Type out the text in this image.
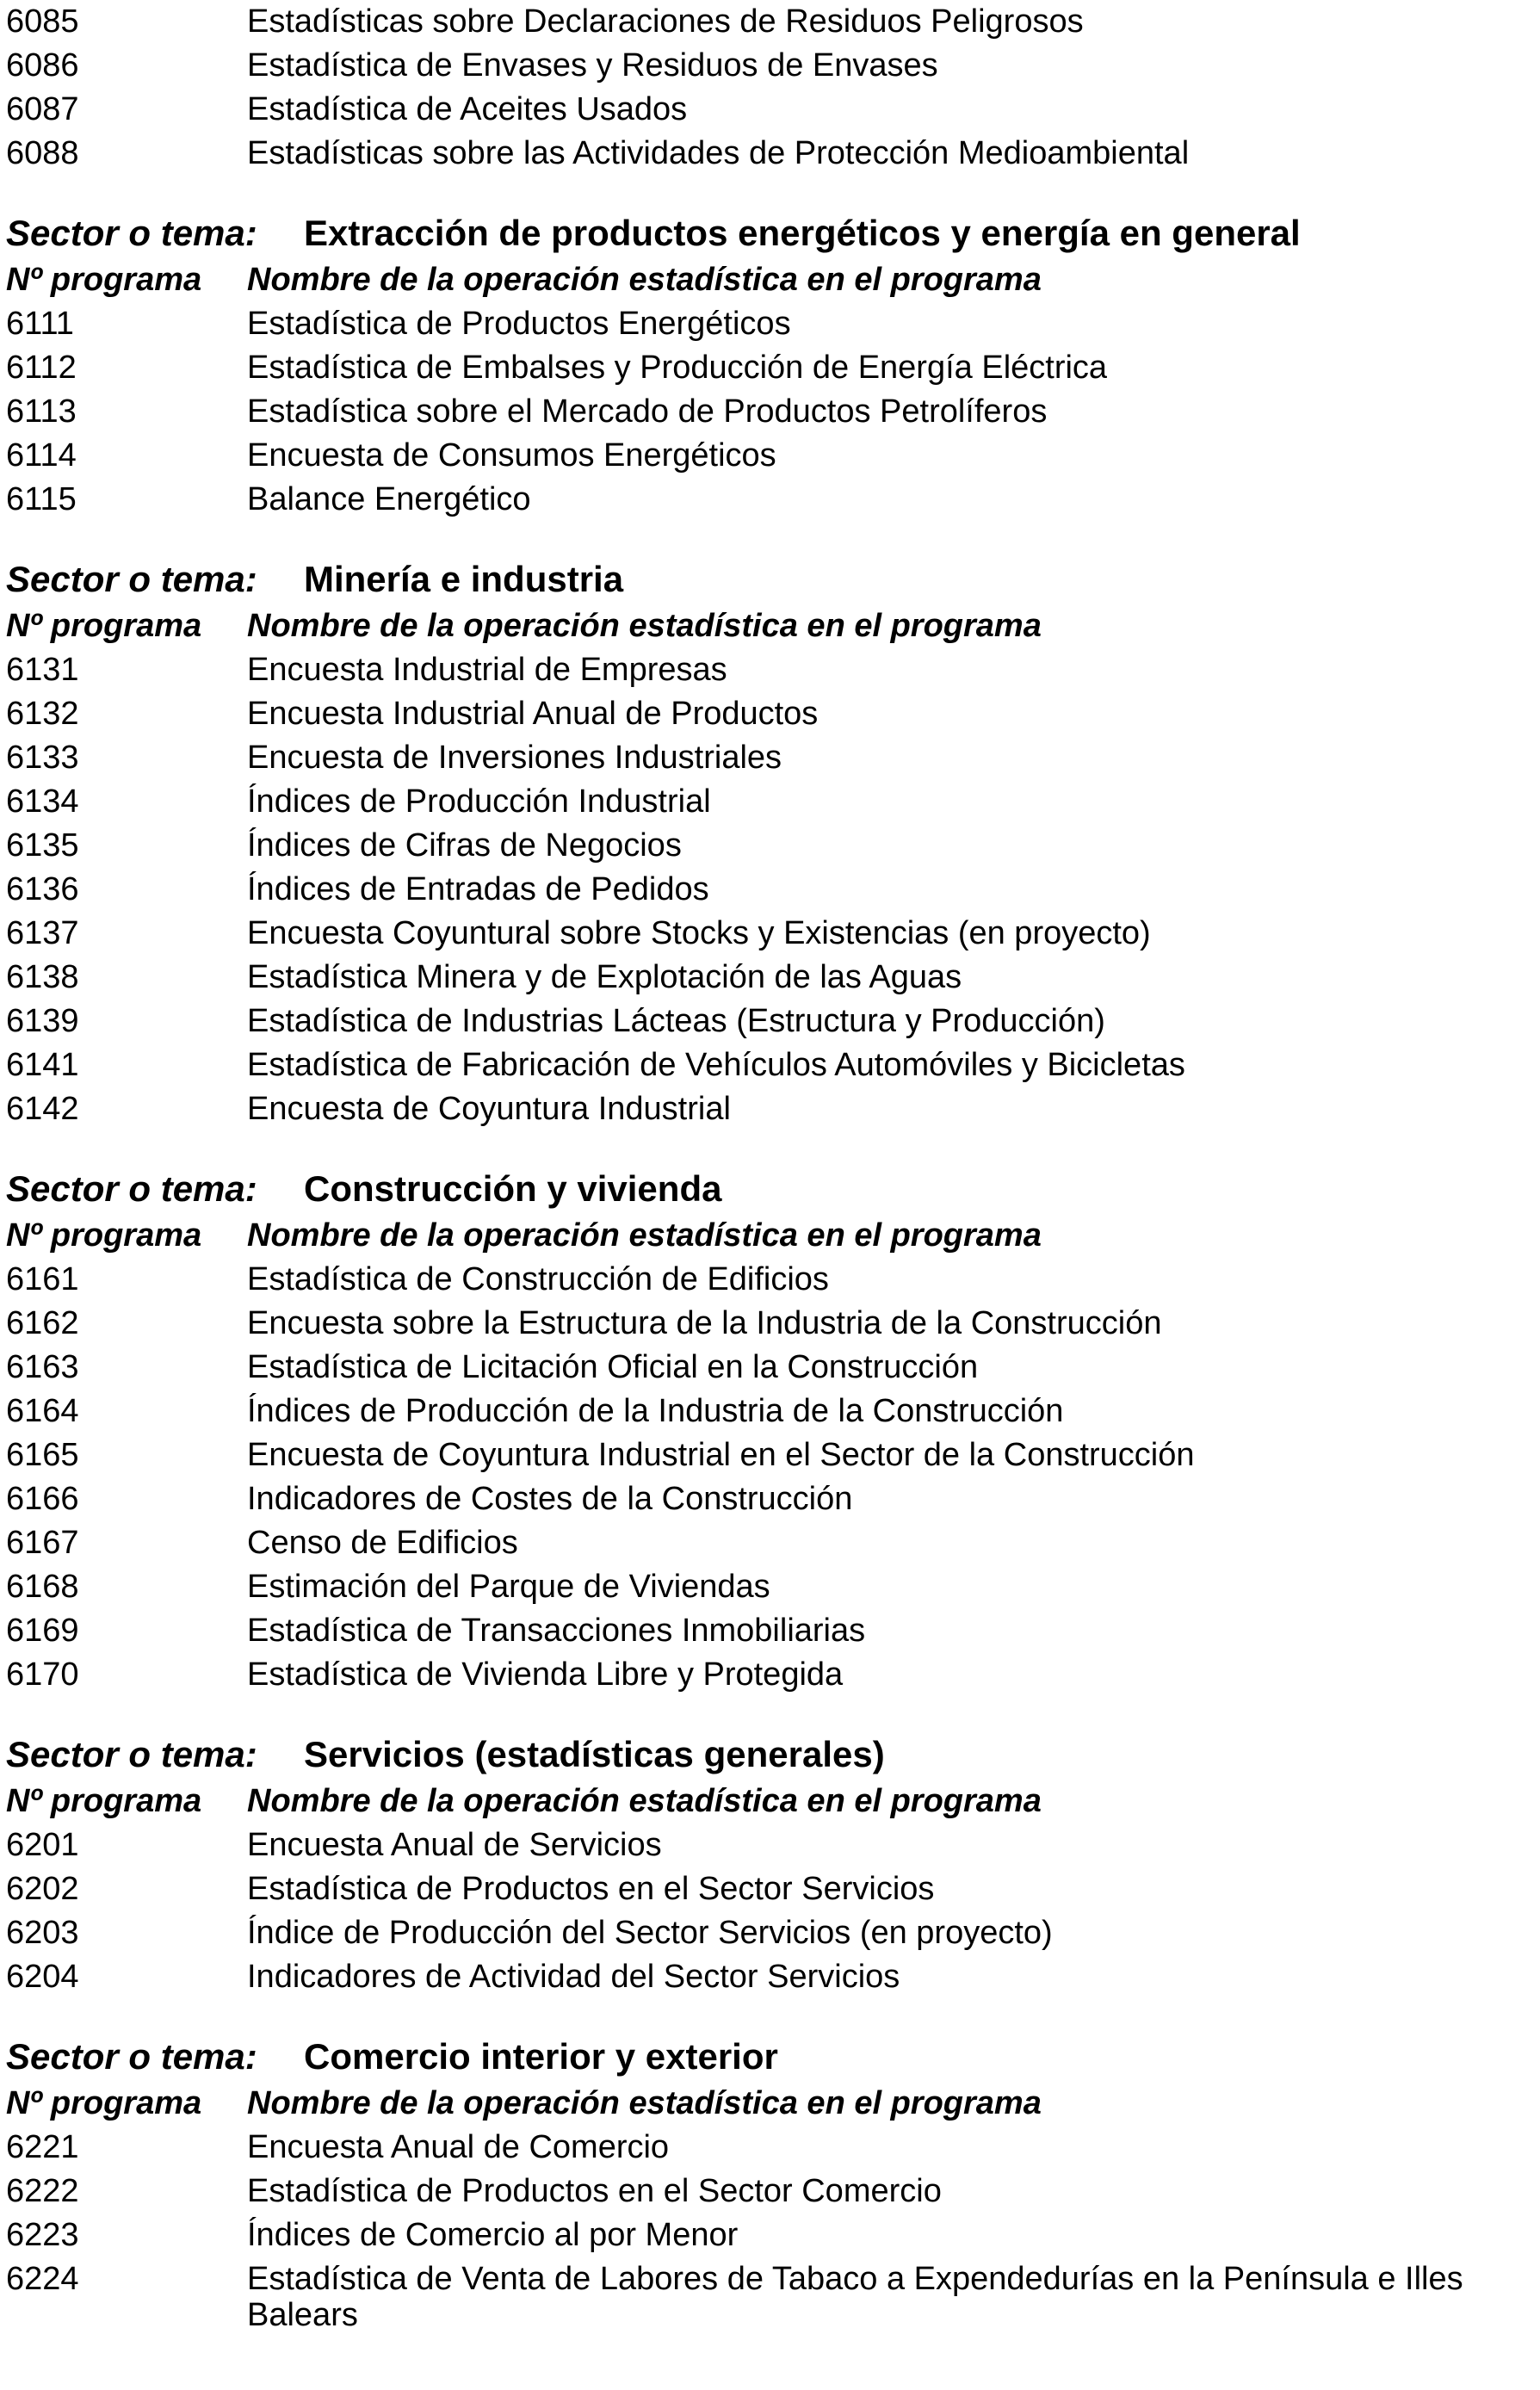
6085	Estadísticas sobre Declaraciones de Residuos Peligrosos
6086	Estadística de Envases y Residuos de Envases
6087	Estadística de Aceites Usados
6088	Estadísticas sobre las Actividades de Protección Medioambiental
Sector o tema:	Extracción de productos energéticos y energía en general
Nº programa	Nombre de la operación estadística en el programa
6111	Estadística de Productos Energéticos
6112	Estadística de Embalses y Producción de Energía Eléctrica
6113	Estadística sobre el Mercado de Productos Petrolíferos
6114	Encuesta de Consumos Energéticos
6115	Balance Energético
Sector o tema:	Minería e industria
Nº programa	Nombre de la operación estadística en el programa
6131	Encuesta Industrial de Empresas
6132	Encuesta Industrial Anual de Productos
6133	Encuesta de Inversiones Industriales
6134	Índices de Producción Industrial
6135	Índices de Cifras de Negocios
6136	Índices de Entradas de Pedidos
6137	Encuesta Coyuntural sobre Stocks y Existencias (en proyecto)
6138	Estadística Minera y de Explotación de las Aguas
6139	Estadística de Industrias Lácteas (Estructura y Producción)
6141	Estadística de Fabricación de Vehículos Automóviles y Bicicletas
6142	Encuesta de Coyuntura Industrial
Sector o tema:	Construcción y vivienda
Nº programa	Nombre de la operación estadística en el programa
6161	Estadística de Construcción de Edificios
6162	Encuesta sobre la Estructura de la Industria de la Construcción
6163	Estadística de Licitación Oficial en la Construcción
6164	Índices de Producción de la Industria de la Construcción
6165	Encuesta de Coyuntura Industrial en el Sector de la Construcción
6166	Indicadores de Costes de la Construcción
6167	Censo de Edificios
6168	Estimación del Parque de Viviendas
6169	Estadística de Transacciones Inmobiliarias
6170	Estadística de Vivienda Libre y Protegida
Sector o tema:	Servicios (estadísticas generales)
Nº programa	Nombre de la operación estadística en el programa
6201	Encuesta Anual de Servicios
6202	Estadística de Productos en el Sector Servicios
6203	Índice de Producción del Sector Servicios (en proyecto)
6204	Indicadores de Actividad del Sector Servicios
Sector o tema:	Comercio interior y exterior
Nº programa	Nombre de la operación estadística en el programa
6221	Encuesta Anual de Comercio
6222	Estadística de Productos en el Sector Comercio
6223	Índices de Comercio al por Menor
6224	Estadística de Venta de Labores de Tabaco a Expendedurías en la Península e Illes Balears
